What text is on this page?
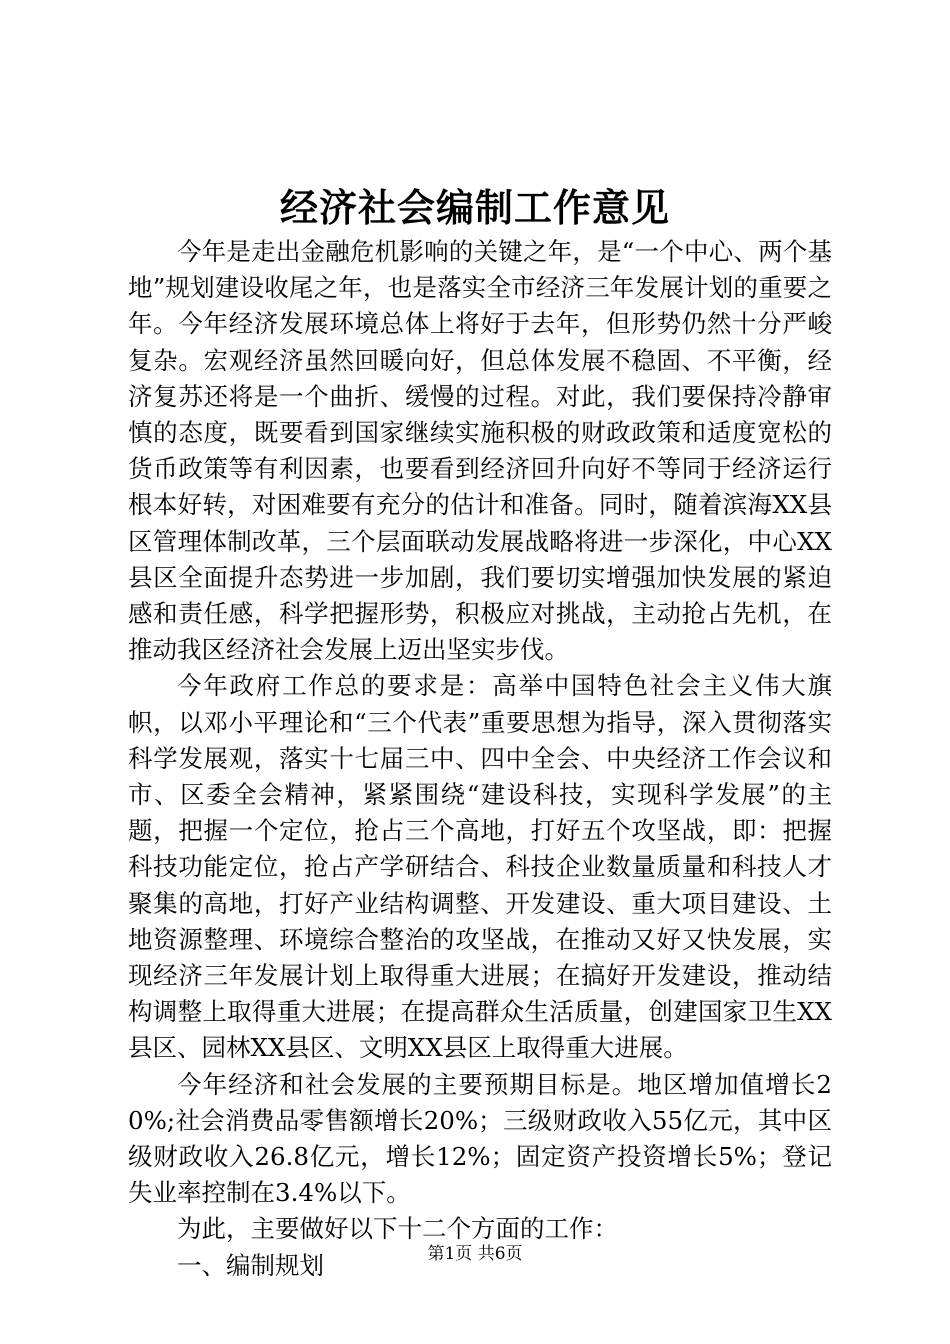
经济社会编制工作意见

今年是走出金融危机影响的关键之年，是“一个中心、两个基地”规划建设收尾之年，也是落实全市经济三年发展计划的重要之年。今年经济发展环境总体上将好于去年，但形势仍然十分严峻复杂。宏观经济虽然回暖向好，但总体发展不稳固、不平衡，经济复苏还将是一个曲折、缓慢的过程。对此，我们要保持冷静审慎的态度，既要看到国家继续实施积极的财政政策和适度宽松的货币政策等有利因素，也要看到经济回升向好不等同于经济运行根本好转，对困难要有充分的估计和准备。同时，随着滨海XX县区管理体制改革，三个层面联动发展战略将进一步深化，中心XX县区全面提升态势进一步加剧，我们要切实增强加快发展的紧迫感和责任感，科学把握形势，积极应对挑战，主动抢占先机，在推动我区经济社会发展上迈出坚实步伐。

今年政府工作总的要求是：高举中国特色社会主义伟大旗帜，以邓小平理论和“三个代表”重要思想为指导，深入贯彻落实科学发展观，落实十七届三中、四中全会、中央经济工作会议和市、区委全会精神，紧紧围绕“建设科技，实现科学发展”的主题，把握一个定位，抢占三个高地，打好五个攻坚战，即：把握科技功能定位，抢占产学研结合、科技企业数量质量和科技人才聚集的高地，打好产业结构调整、开发建设、重大项目建设、土地资源整理、环境综合整治的攻坚战，在推动又好又快发展，实现经济三年发展计划上取得重大进展；在搞好开发建设，推动结构调整上取得重大进展；在提高群众生活质量，创建国家卫生XX县区、园林XX县区、文明XX县区上取得重大进展。

今年经济和社会发展的主要预期目标是。地区增加值增长20%;社会消费品零售额增长20%；三级财政收入55亿元，其中区级财政收入26.8亿元，增长12%；固定资产投资增长5%；登记失业率控制在3.4%以下。

为此，主要做好以下十二个方面的工作：

一、编制规划	第1页 共6页
